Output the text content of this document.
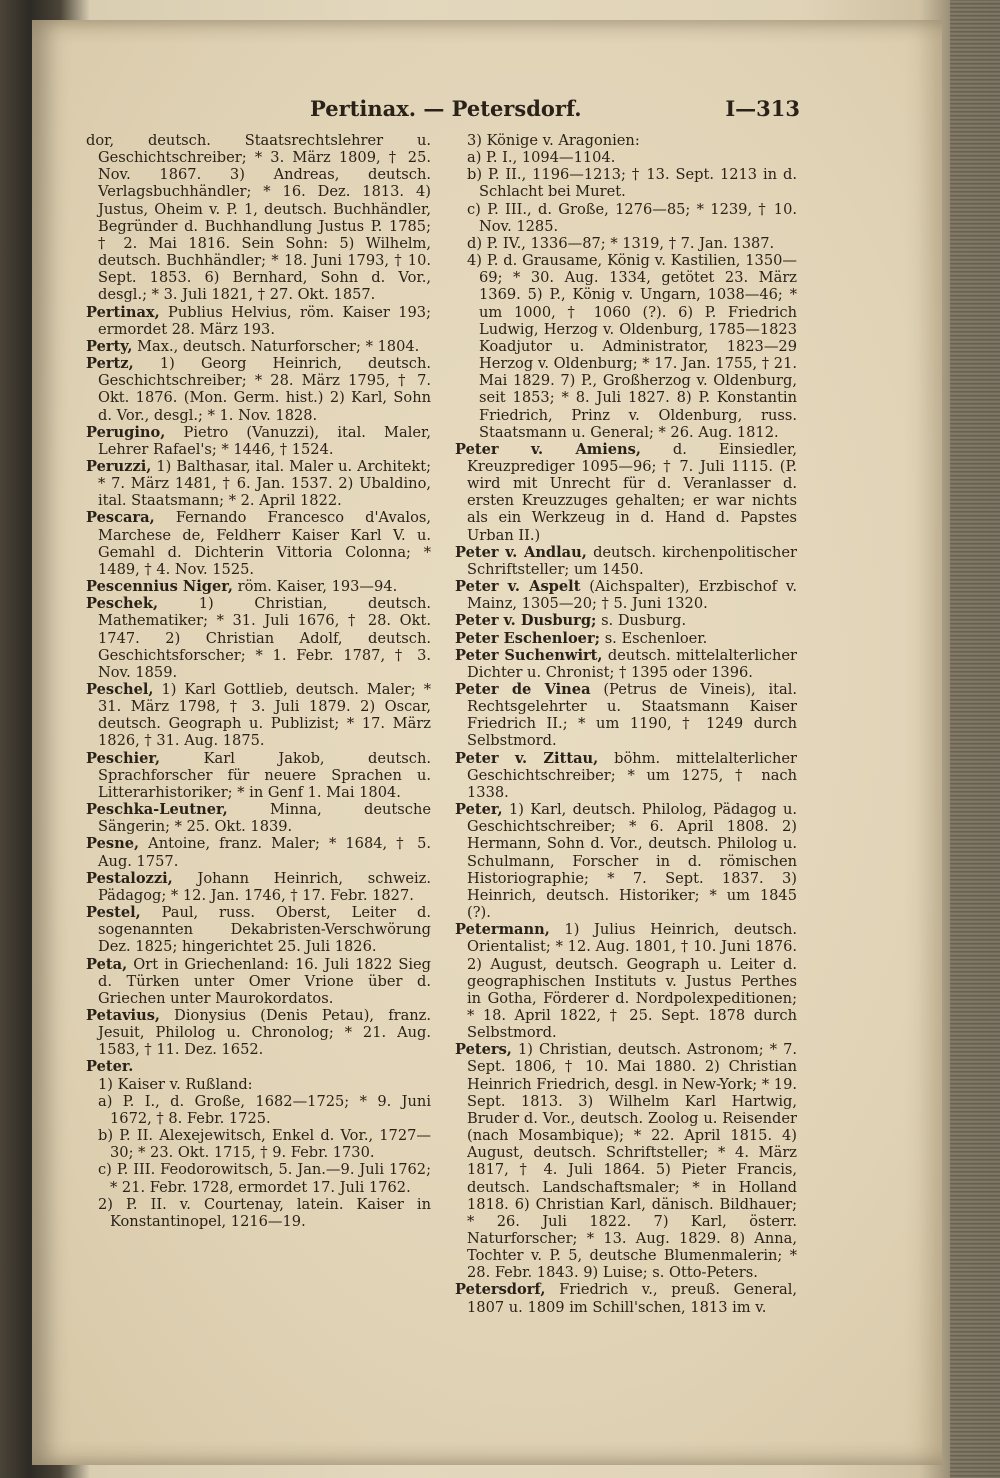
Pertinax. — Petersdorf.	I—313

dor, deutsch. Staatsrechtslehrer u. Geschichtschreiber; * 3. März 1809, † 25. Nov. 1867. 3) Andreas, deutsch. Verlagsbuchhändler; * 16. Dez. 1813. 4) Justus, Oheim v. P. 1, deutsch. Buchhändler, Begründer d. Buchhandlung Justus P. 1785; † 2. Mai 1816. Sein Sohn: 5) Wilhelm, deutsch. Buchhändler; * 18. Juni 1793, † 10. Sept. 1853. 6) Bernhard, Sohn d. Vor., desgl.; * 3. Juli 1821, † 27. Okt. 1857.

Pertinax, Publius Helvius, röm. Kaiser 193; ermordet 28. März 193.

Perty, Max., deutsch. Naturforscher; * 1804.

Pertz, 1) Georg Heinrich, deutsch. Geschichtschreiber; * 28. März 1795, † 7. Okt. 1876. (Mon. Germ. hist.) 2) Karl, Sohn d. Vor., desgl.; * 1. Nov. 1828.

Perugino, Pietro (Vanuzzi), ital. Maler, Lehrer Rafael's; * 1446, † 1524.

Peruzzi, 1) Balthasar, ital. Maler u. Architekt; * 7. März 1481, † 6. Jan. 1537. 2) Ubaldino, ital. Staatsmann; * 2. April 1822.

Pescara, Fernando Francesco d'Avalos, Marchese de, Feldherr Kaiser Karl V. u. Gemahl d. Dichterin Vittoria Colonna; * 1489, † 4. Nov. 1525.

Pescennius Niger, röm. Kaiser, 193—94.

Peschek,	1) Christian, deutsch. Mathematiker; * 31. Juli 1676, † 28. Okt. 1747. 2) Christian Adolf, deutsch. Geschichtsforscher; * 1. Febr. 1787, † 3. Nov. 1859.

Peschel, 1) Karl Gottlieb, deutsch. Maler; * 31. März 1798, † 3. Juli 1879. 2) Oscar, deutsch. Geograph u. Publizist; * 17. März 1826, † 31. Aug. 1875.

Peschier,	Karl Jakob, deutsch. Sprachforscher für neuere Sprachen u. Litterarhistoriker; * in Genf 1. Mai 1804.

Peschka-Leutner,	Minna, deutsche Sängerin; * 25. Okt. 1839.

Pesne, Antoine, franz. Maler; * 1684, † 5. Aug. 1757.

Pestalozzi, Johann Heinrich, schweiz. Pädagog; * 12. Jan. 1746, † 17. Febr. 1827.

Pestel, Paul, russ. Oberst, Leiter d. sogenannten Dekabristen-Verschwörung Dez. 1825; hingerichtet 25. Juli 1826.

Peta, Ort in Griechenland: 16. Juli 1822 Sieg d. Türken unter Omer Vrione über d. Griechen unter Maurokordatos.

Petavius, Dionysius (Denis Petau), franz. Jesuit, Philolog u. Chronolog; * 21. Aug. 1583, † 11. Dez. 1652.

Peter.

1) Kaiser v. Rußland:

a) P. I., d. Große, 1682—1725; * 9. Juni 1672, † 8. Febr. 1725.

b) P. II. Alexejewitsch, Enkel d. Vor., 1727—30; * 23. Okt. 1715, † 9. Febr. 1730.

c) P. III. Feodorowitsch, 5. Jan.—9. Juli 1762; * 21. Febr. 1728, ermordet 17. Juli 1762.

2) P. II. v. Courtenay, latein. Kaiser in Konstantinopel, 1216—19.

3) Könige v. Aragonien:

a) P. I., 1094—1104.

b) P. II., 1196—1213; † 13. Sept. 1213 in d. Schlacht bei Muret.

c) P. III., d. Große, 1276—85; * 1239, † 10. Nov. 1285.

d) P. IV., 1336—87; * 1319, † 7. Jan. 1387.

4) P. d. Grausame, König v. Kastilien, 1350—69; * 30. Aug. 1334, getötet 23. März 1369. 5) P., König v. Ungarn, 1038—46; * um 1000, † 1060 (?). 6) P. Friedrich Ludwig, Herzog v. Oldenburg, 1785—1823 Koadjutor u. Administrator, 1823—29 Herzog v. Oldenburg; * 17. Jan. 1755, † 21. Mai 1829. 7) P., Großherzog v. Oldenburg, seit 1853; * 8. Juli 1827. 8) P. Konstantin Friedrich, Prinz v. Oldenburg, russ. Staatsmann u. General; * 26. Aug. 1812.

Peter v. Amiens, d. Einsiedler, Kreuzprediger 1095—96; † 7. Juli 1115. (P. wird mit Unrecht für d. Veranlasser d. ersten Kreuzzuges gehalten; er war nichts als ein Werkzeug in d. Hand d. Papstes Urban II.)

Peter v. Andlau, deutsch. kirchenpolitischer Schriftsteller; um 1450.

Peter v. Aspelt (Aichspalter), Erzbischof v. Mainz, 1305—20; † 5. Juni 1320.

Peter v. Dusburg; s. Dusburg.

Peter Eschenloer; s. Eschenloer.

Peter Suchenwirt, deutsch. mittelalterlicher Dichter u. Chronist; † 1395 oder 1396.

Peter de Vinea (Petrus de Vineis), ital. Rechtsgelehrter u. Staatsmann Kaiser Friedrich II.; * um 1190, † 1249 durch Selbstmord.

Peter v. Zittau, böhm. mittelalterlicher Geschichtschreiber; * um 1275, † nach 1338.

Peter, 1) Karl, deutsch. Philolog, Pädagog u. Geschichtschreiber; * 6. April 1808. 2) Hermann, Sohn d. Vor., deutsch. Philolog u. Schulmann, Forscher in d. römischen Historiographie; * 7. Sept. 1837. 3) Heinrich, deutsch. Historiker; * um 1845 (?).

Petermann, 1) Julius Heinrich, deutsch. Orientalist; * 12. Aug. 1801, † 10. Juni 1876. 2) August, deutsch. Geograph u. Leiter d. geographischen Instituts v. Justus Perthes in Gotha, Förderer d. Nordpolexpeditionen; * 18. April 1822, † 25. Sept. 1878 durch Selbstmord.

Peters, 1) Christian, deutsch. Astronom; * 7. Sept. 1806, † 10. Mai 1880. 2) Christian Heinrich Friedrich, desgl. in New-York; * 19. Sept. 1813. 3) Wilhelm Karl Hartwig, Bruder d. Vor., deutsch. Zoolog u. Reisender (nach Mosambique); * 22. April 1815. 4) August, deutsch. Schriftsteller; * 4. März 1817, † 4. Juli 1864. 5) Pieter Francis, deutsch. Landschaftsmaler; * in Holland 1818. 6) Christian Karl, dänisch. Bildhauer; * 26. Juli 1822. 7) Karl, österr. Naturforscher; * 13. Aug. 1829. 8) Anna, Tochter v. P. 5, deutsche Blumenmalerin; * 28. Febr. 1843. 9) Luise; s. Otto-Peters.

Petersdorf, Friedrich v., preuß. General, 1807 u. 1809 im Schill'schen, 1813 im v.
